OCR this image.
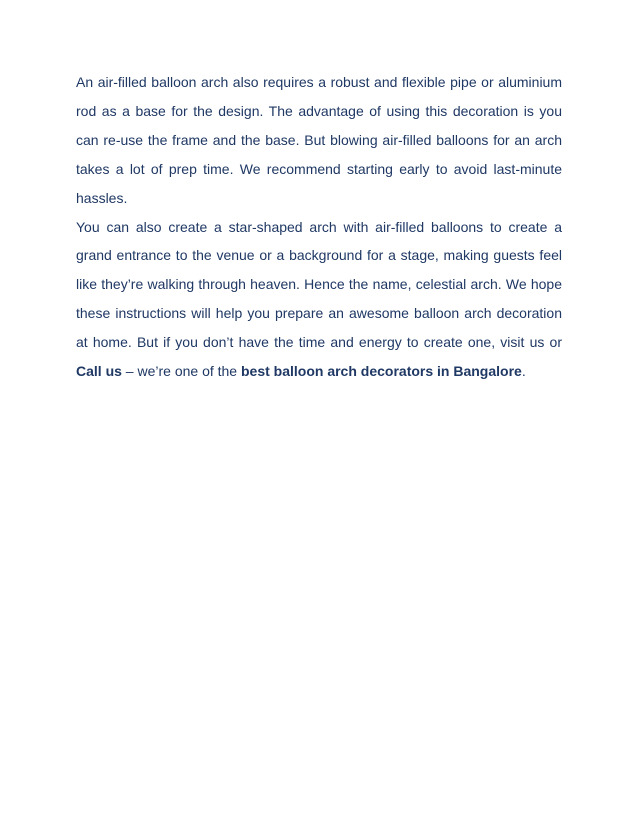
An air-filled balloon arch also requires a robust and flexible pipe or aluminium rod as a base for the design. The advantage of using this decoration is you can re-use the frame and the base. But blowing air-filled balloons for an arch takes a lot of prep time. We recommend starting early to avoid last-minute hassles.

You can also create a star-shaped arch with air-filled balloons to create a grand entrance to the venue or a background for a stage, making guests feel like they’re walking through heaven. Hence the name, celestial arch. We hope these instructions will help you prepare an awesome balloon arch decoration at home. But if you don’t have the time and energy to create one, visit us or Call us – we’re one of the best balloon arch decorators in Bangalore.
